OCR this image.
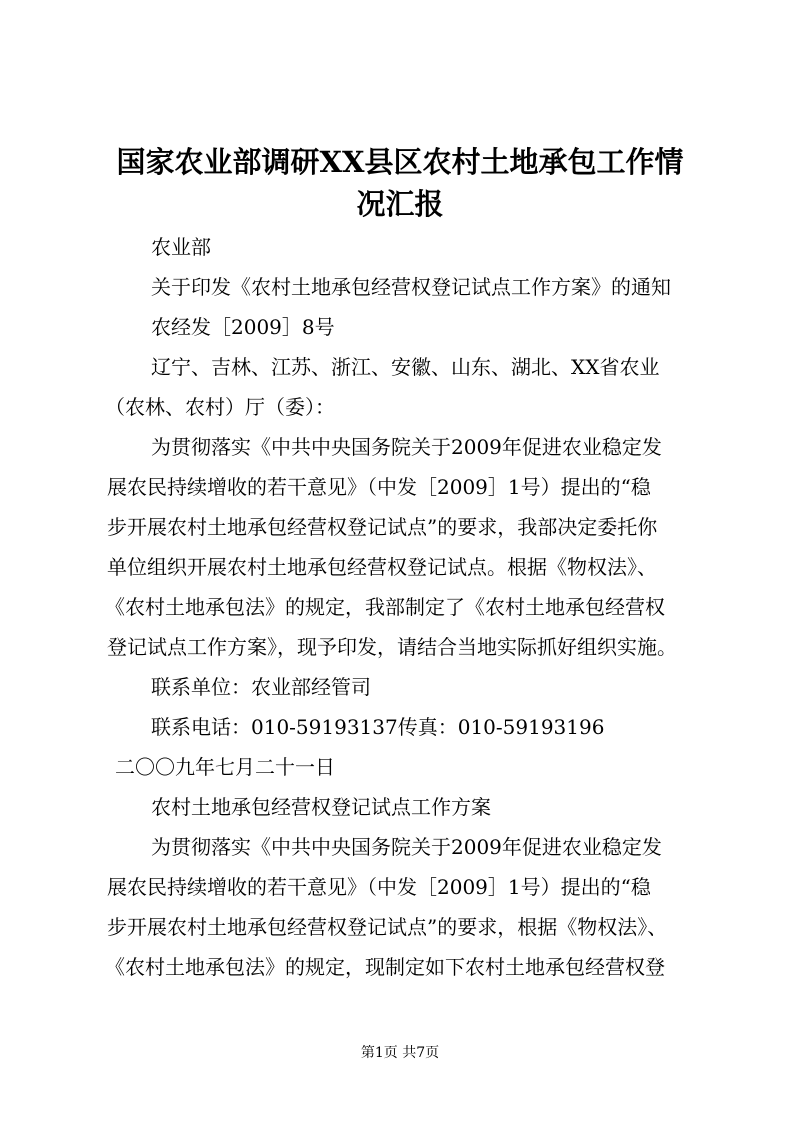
国家农业部调研XX县区农村土地承包工作情
况汇报
农业部
关于印发《农村土地承包经营权登记试点工作方案》的通知
农经发［2009］8号
辽宁、吉林、江苏、浙江、安徽、山东、湖北、XX省农业
（农林、农村）厅（委）：
为贯彻落实《中共中央国务院关于2009年促进农业稳定发
展农民持续增收的若干意见》（中发［2009］1号）提出的“稳
步开展农村土地承包经营权登记试点”的要求，我部决定委托你
单位组织开展农村土地承包经营权登记试点。根据《物权法》、
《农村土地承包法》的规定，我部制定了《农村土地承包经营权
登记试点工作方案》，现予印发，请结合当地实际抓好组织实施。
联系单位：农业部经管司
联系电话：010-59193137传真：010-59193196
二〇〇九年七月二十一日
农村土地承包经营权登记试点工作方案
为贯彻落实《中共中央国务院关于2009年促进农业稳定发
展农民持续增收的若干意见》（中发［2009］1号）提出的“稳
步开展农村土地承包经营权登记试点”的要求，根据《物权法》、
《农村土地承包法》的规定，现制定如下农村土地承包经营权登
第1页 共7页
